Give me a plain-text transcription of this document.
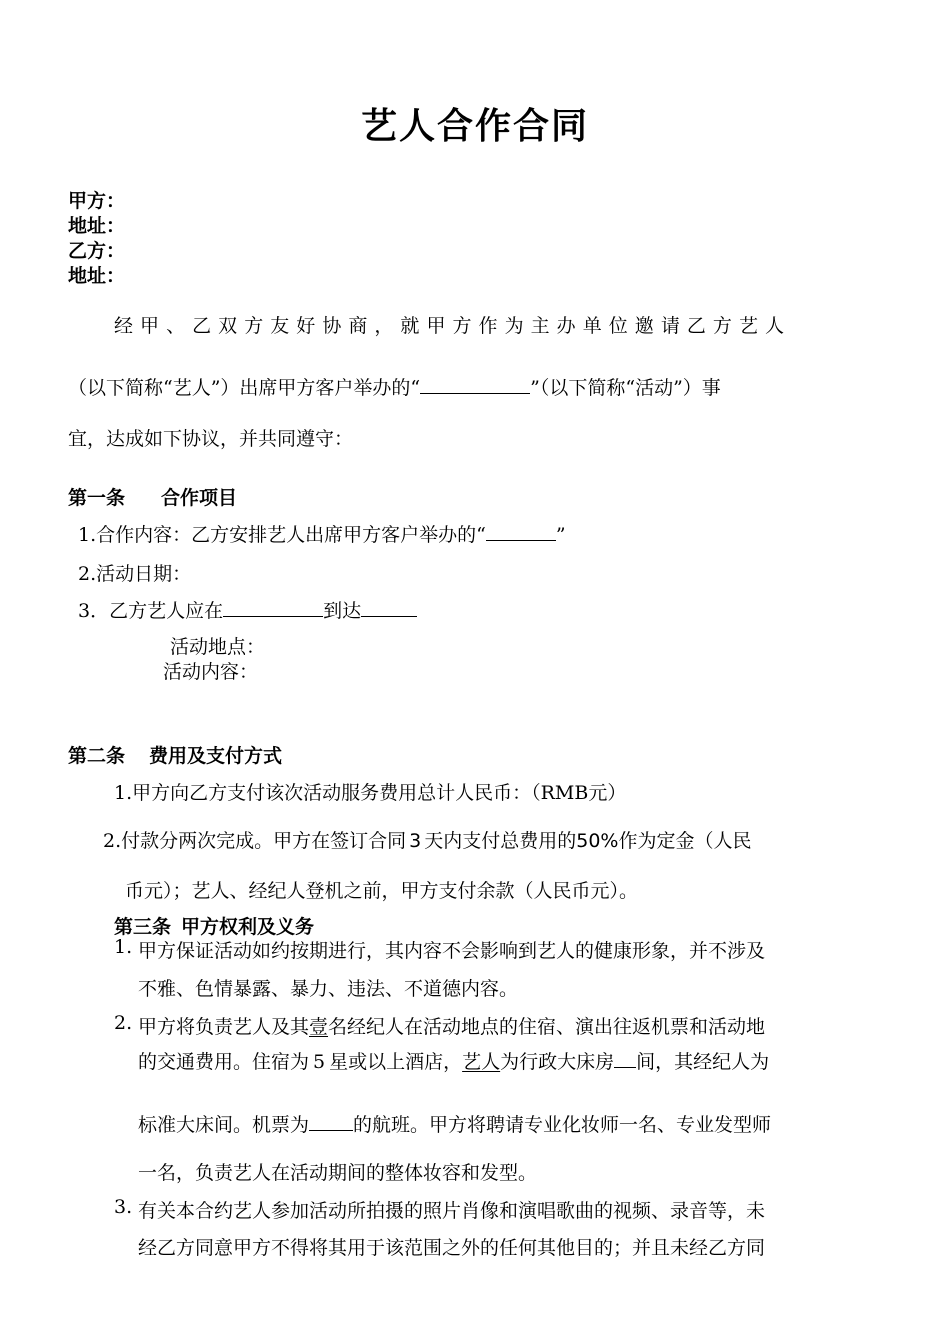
艺人合作合同
甲方：
地址：
乙方：
地址：
经 甲 、 乙 双 方 友 好 协 商 ， 就 甲 方 作 为 主 办 单 位 邀 请 乙 方 艺 人
（以下简称“艺人”）出席甲方客户举办的“	”（以下简称“活动”）事
宜，达成如下协议，并共同遵守：
第一条 合作项目
1.合作内容：乙方安排艺人出席甲方客户举办的“	”
2.活动日期：
3．乙方艺人应在	到达
活动地点：
活动内容：
第二条 费用及支付方式
1.甲方向乙方支付该次活动服务费用总计人民币：（RMB元）
2.付款分两次完成。甲方在签订合同 3 天内支付总费用的50%作为定金（人民
币元）；艺人、经纪人登机之前，甲方支付余款（人民币元）。
第三条 甲方权利及义务
1. 甲方保证活动如约按期进行，其内容不会影响到艺人的健康形象，并不涉及
不雅、色情暴露、暴力、违法、不道德内容。
2. 甲方将负责艺人及其壹名经纪人在活动地点的住宿、演出往返机票和活动地
的交通费用。住宿为 5 星或以上酒店，艺人为行政大床房 间，其经纪人为
标准大床间。机票为 的航班。甲方将聘请专业化妆师一名、专业发型师
一名，负责艺人在活动期间的整体妆容和发型。
3. 有关本合约艺人参加活动所拍摄的照片肖像和演唱歌曲的视频、录音等，未
经乙方同意甲方不得将其用于该范围之外的任何其他目的；并且未经乙方同
